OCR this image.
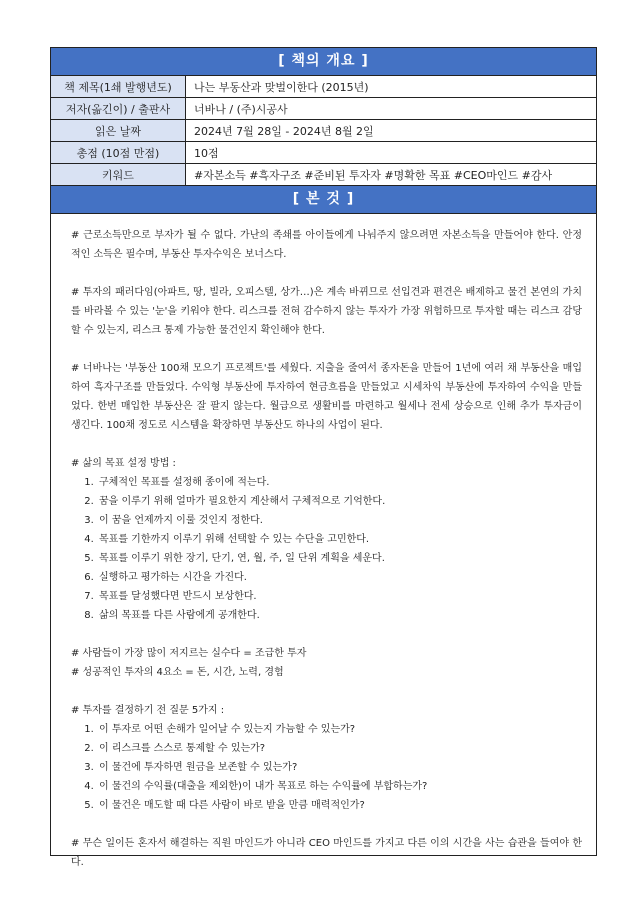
[ 책의 개요 ]
책 제목(1쇄 발행년도)	나는 부동산과 맞벌이한다 (2015년)
저자(옮긴이) / 출판사	너바나 / (주)시공사
읽은 날짜	2024년 7월 28일 - 2024년 8월 2일
총점 (10점 만점)	10점
키워드	#자본소득 #흑자구조 #준비된 투자자 #명확한 목표 #CEO마인드 #감사
[ 본 것 ]

# 근로소득만으로 부자가 될 수 없다. 가난의 족쇄를 아이들에게 나눠주지 않으려면 자본소득을 만들어야 한다. 안정적인 소득은 필수며, 부동산 투자수익은 보너스다.

# 투자의 패러다임(아파트, 땅, 빌라, 오피스텔, 상가…)은 계속 바뀌므로 선입견과 편견은 배제하고 물건 본연의 가치를 바라볼 수 있는 '눈'을 키워야 한다. 리스크를 전혀 감수하지 않는 투자가 가장 위험하므로 투자할 때는 리스크 감당할 수 있는지, 리스크 통제 가능한 물건인지 확인해야 한다.

# 너바나는 '부동산 100채 모으기 프로젝트'를 세웠다. 지출을 줄여서 종자돈을 만들어 1년에 여러 채 부동산을 매입하여 흑자구조를 만들었다. 수익형 부동산에 투자하여 현금흐름을 만들었고 시세차익 부동산에 투자하여 수익을 만들었다. 한번 매입한 부동산은 잘 팔지 않는다. 월급으로 생활비를 마련하고 월세나 전세 상승으로 인해 추가 투자금이 생긴다. 100채 정도로 시스템을 확장하면 부동산도 하나의 사업이 된다.

# 삶의 목표 설정 방법 :
1. 구체적인 목표를 설정해 종이에 적는다.
2. 꿈을 이루기 위해 얼마가 필요한지 계산해서 구체적으로 기억한다.
3. 이 꿈을 언제까지 이룰 것인지 정한다.
4. 목표를 기한까지 이루기 위해 선택할 수 있는 수단을 고민한다.
5. 목표를 이루기 위한 장기, 단기, 연, 월, 주, 일 단위 계획을 세운다.
6. 실행하고 평가하는 시간을 가진다.
7. 목표를 달성했다면 반드시 보상한다.
8. 삶의 목표를 다른 사람에게 공개한다.
# 사람들이 가장 많이 저지르는 실수다 = 조급한 투자
# 성공적인 투자의 4요소 = 돈, 시간, 노력, 경험
# 투자를 결정하기 전 질문 5가지 :
1. 이 투자로 어떤 손해가 일어날 수 있는지 가늠할 수 있는가?
2. 이 리스크를 스스로 통제할 수 있는가?
3. 이 물건에 투자하면 원금을 보존할 수 있는가?
4. 이 물건의 수익률(대출을 제외한)이 내가 목표로 하는 수익률에 부합하는가?
5. 이 물건은 매도할 때 다른 사람이 바로 받을 만큼 매력적인가?

# 무슨 일이든 혼자서 해결하는 직원 마인드가 아니라 CEO 마인드를 가지고 다른 이의 시간을 사는 습관을 들여야 한다.
